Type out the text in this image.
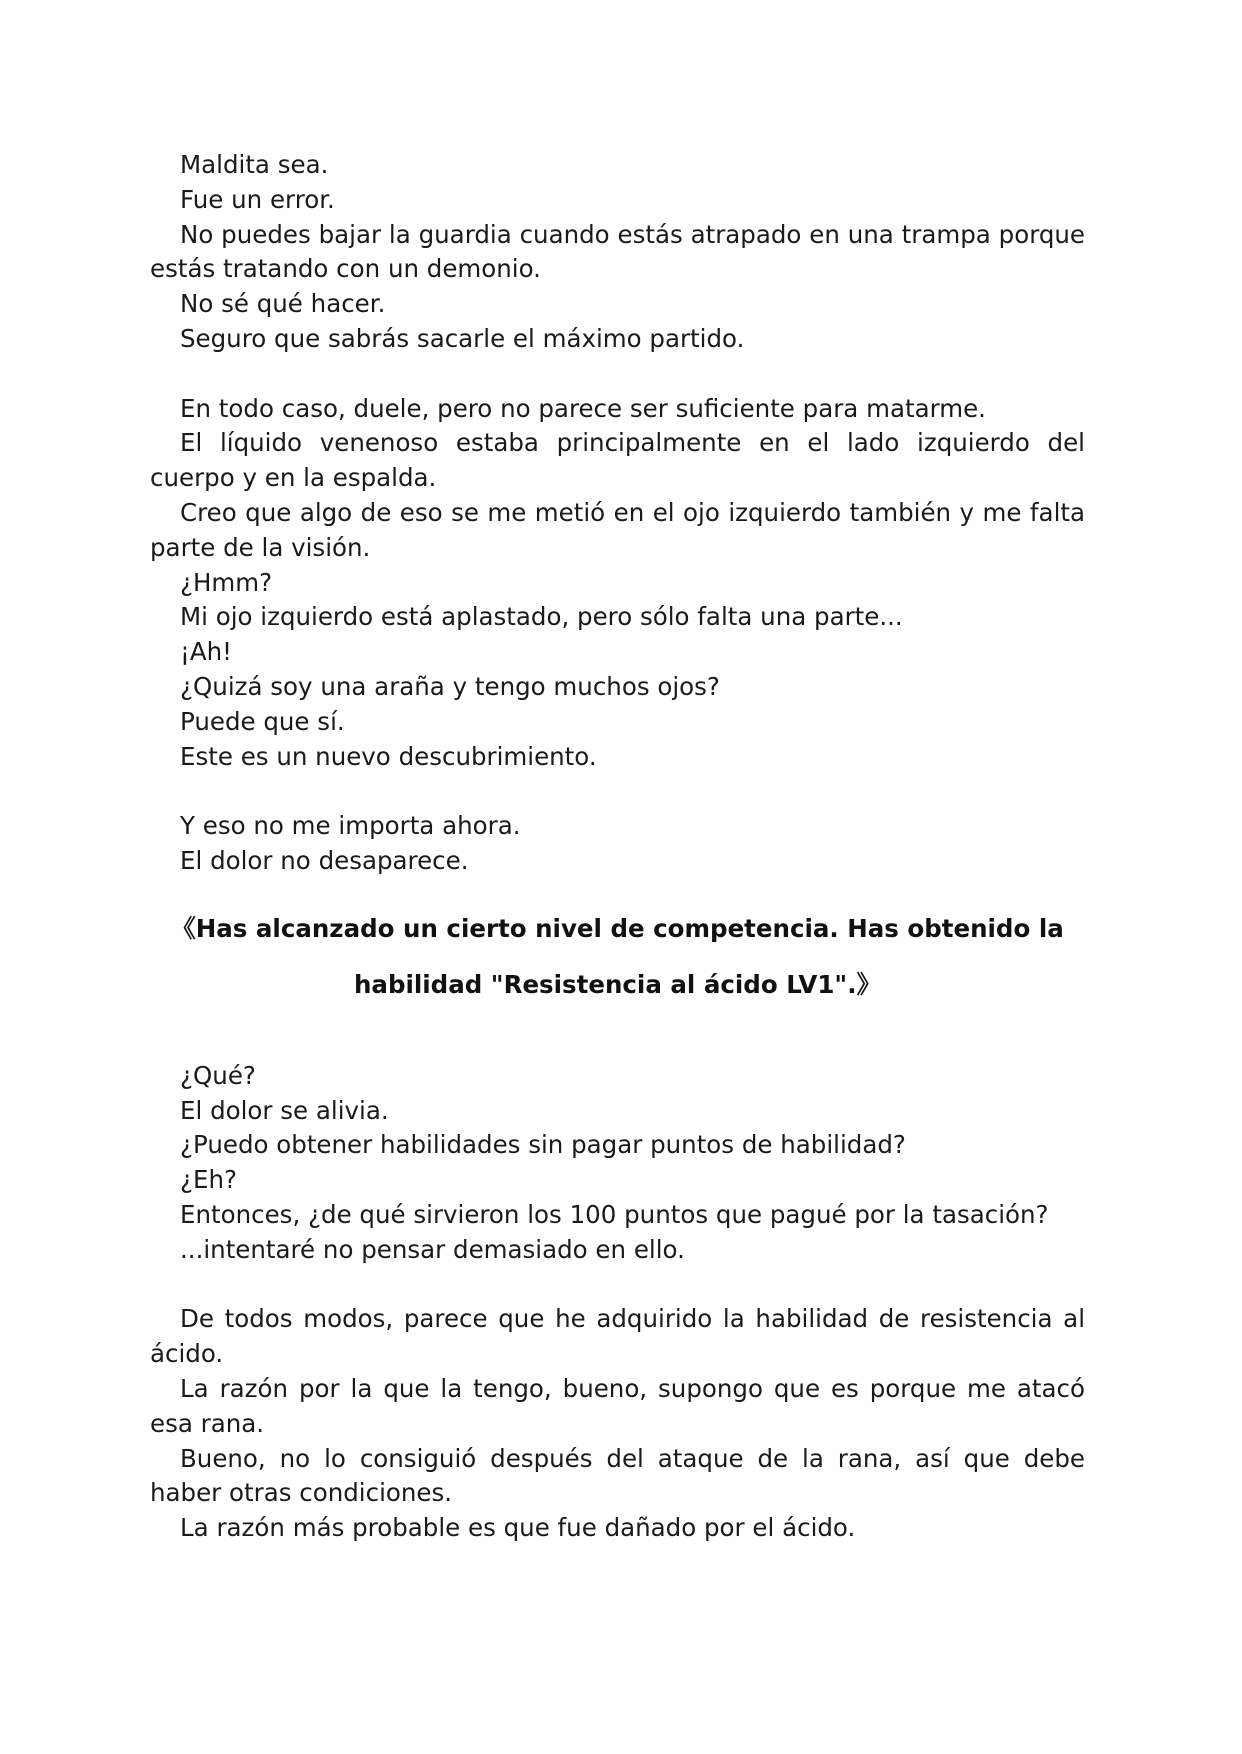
Maldita sea.

Fue un error.

No puedes bajar la guardia cuando estás atrapado en una trampa porque estás tratando con un demonio.

No sé qué hacer.

Seguro que sabrás sacarle el máximo partido.

En todo caso, duele, pero no parece ser suficiente para matarme.

El líquido venenoso estaba principalmente en el lado izquierdo del cuerpo y en la espalda.

Creo que algo de eso se me metió en el ojo izquierdo también y me falta parte de la visión.

¿Hmm?

Mi ojo izquierdo está aplastado, pero sólo falta una parte...

¡Ah!

¿Quizá soy una araña y tengo muchos ojos?

Puede que sí.

Este es un nuevo descubrimiento.

Y eso no me importa ahora.

El dolor no desaparece.

《Has alcanzado un cierto nivel de competencia. Has obtenido la habilidad "Resistencia al ácido LV1".》

¿Qué?

El dolor se alivia.

¿Puedo obtener habilidades sin pagar puntos de habilidad?

¿Eh?

Entonces, ¿de qué sirvieron los 100 puntos que pagué por la tasación?

...intentaré no pensar demasiado en ello.

De todos modos, parece que he adquirido la habilidad de resistencia al ácido.

La razón por la que la tengo, bueno, supongo que es porque me atacó esa rana.

Bueno, no lo consiguió después del ataque de la rana, así que debe haber otras condiciones.

La razón más probable es que fue dañado por el ácido.
